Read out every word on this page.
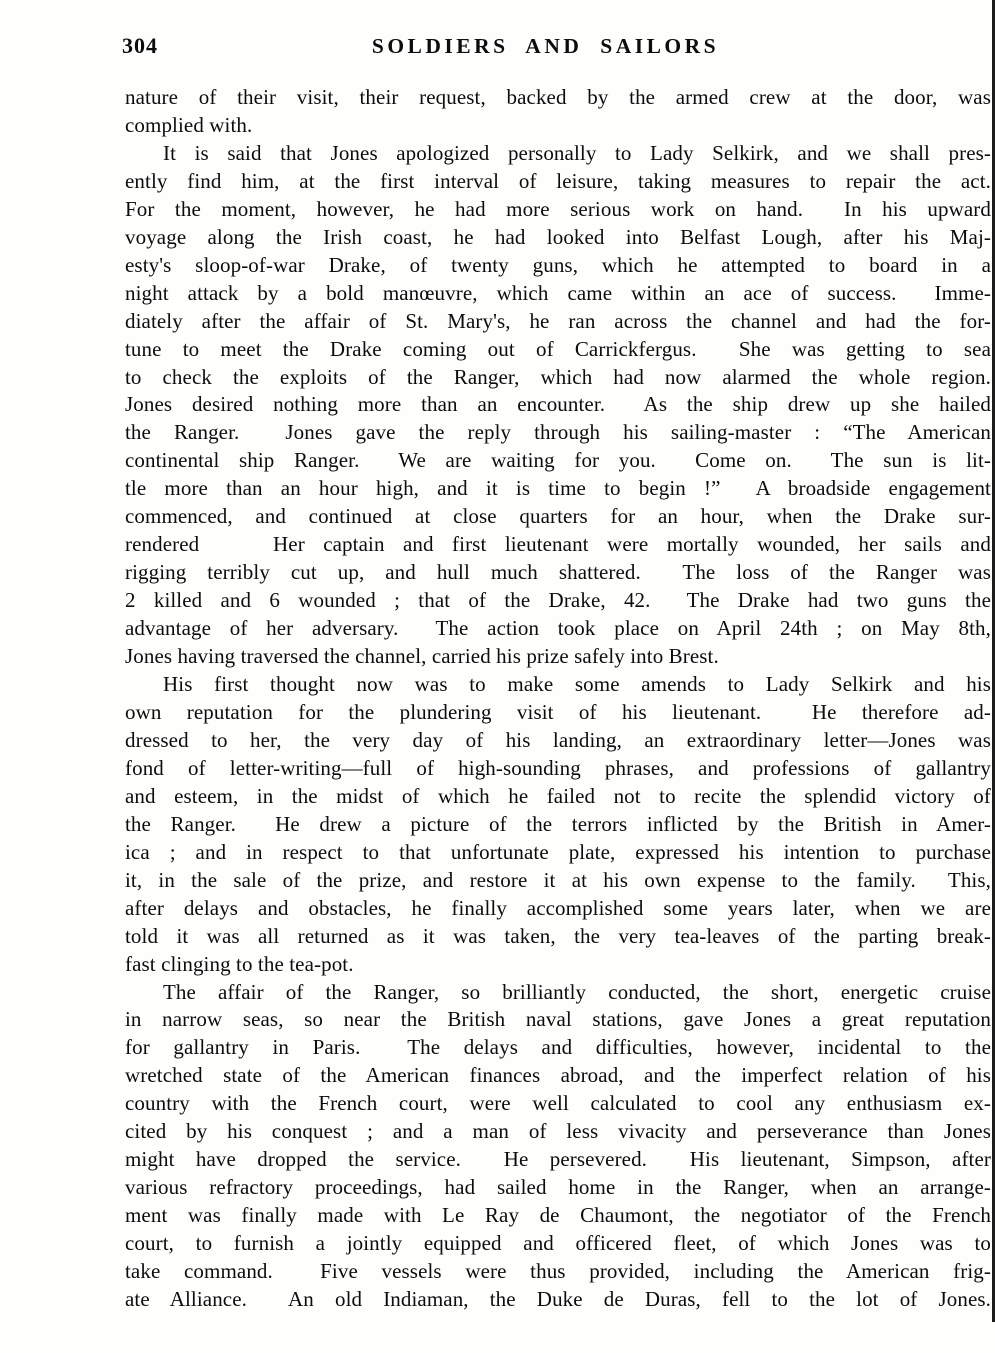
304	SOLDIERS AND SAILORS
nature of their visit, their request, backed by the armed crew at the door, was
complied with.
It is said that Jones apologized personally to Lady Selkirk, and we shall pres-
ently find him, at the first interval of leisure, taking measures to repair the act.
For the moment, however, he had more serious work on hand.  In his upward
voyage along the Irish coast, he had looked into Belfast Lough, after his Maj-
esty's sloop-of-war Drake, of twenty guns, which he attempted to board in a
night attack by a bold manœuvre, which came within an ace of success.  Imme-
diately after the affair of St. Mary's, he ran across the channel and had the for-
tune to meet the Drake coming out of Carrickfergus.  She was getting to sea
to check the exploits of the Ranger, which had now alarmed the whole region.
Jones desired nothing more than an encounter.  As the ship drew up she hailed
the Ranger.  Jones gave the reply through his sailing-master : “The American
continental ship Ranger.  We are waiting for you.  Come on.  The sun is lit-
tle more than an hour high, and it is time to begin !”  A broadside engagement
commenced, and continued at close quarters for an hour, when the Drake sur-
rendered    Her captain and first lieutenant were mortally wounded, her sails and
rigging terribly cut up, and hull much shattered.  The loss of the Ranger was
2 killed and 6 wounded ; that of the Drake, 42.  The Drake had two guns the
advantage of her adversary.  The action took place on April 24th ; on May 8th,
Jones having traversed the channel, carried his prize safely into Brest.
His first thought now was to make some amends to Lady Selkirk and his
own reputation for the plundering visit of his lieutenant.  He therefore ad-
dressed to her, the very day of his landing, an extraordinary letter—Jones was
fond of letter-writing—full of high-sounding phrases, and professions of gallantry
and esteem, in the midst of which he failed not to recite the splendid victory of
the Ranger.  He drew a picture of the terrors inflicted by the British in Amer-
ica ; and in respect to that unfortunate plate, expressed his intention to purchase
it, in the sale of the prize, and restore it at his own expense to the family.  This,
after delays and obstacles, he finally accomplished some years later, when we are
told it was all returned as it was taken, the very tea-leaves of the parting break-
fast clinging to the tea-pot.
The affair of the Ranger, so brilliantly conducted, the short, energetic cruise
in narrow seas, so near the British naval stations, gave Jones a great reputation
for gallantry in Paris.  The delays and difficulties, however, incidental to the
wretched state of the American finances abroad, and the imperfect relation of his
country with the French court, were well calculated to cool any enthusiasm ex-
cited by his conquest ; and a man of less vivacity and perseverance than Jones
might have dropped the service.  He persevered.  His lieutenant, Simpson, after
various refractory proceedings, had sailed home in the Ranger, when an arrange-
ment was finally made with Le Ray de Chaumont, the negotiator of the French
court, to furnish a jointly equipped and officered fleet, of which Jones was to
take command.  Five vessels were thus provided, including the American frig-
ate Alliance.  An old Indiaman, the Duke de Duras, fell to the lot of Jones.
